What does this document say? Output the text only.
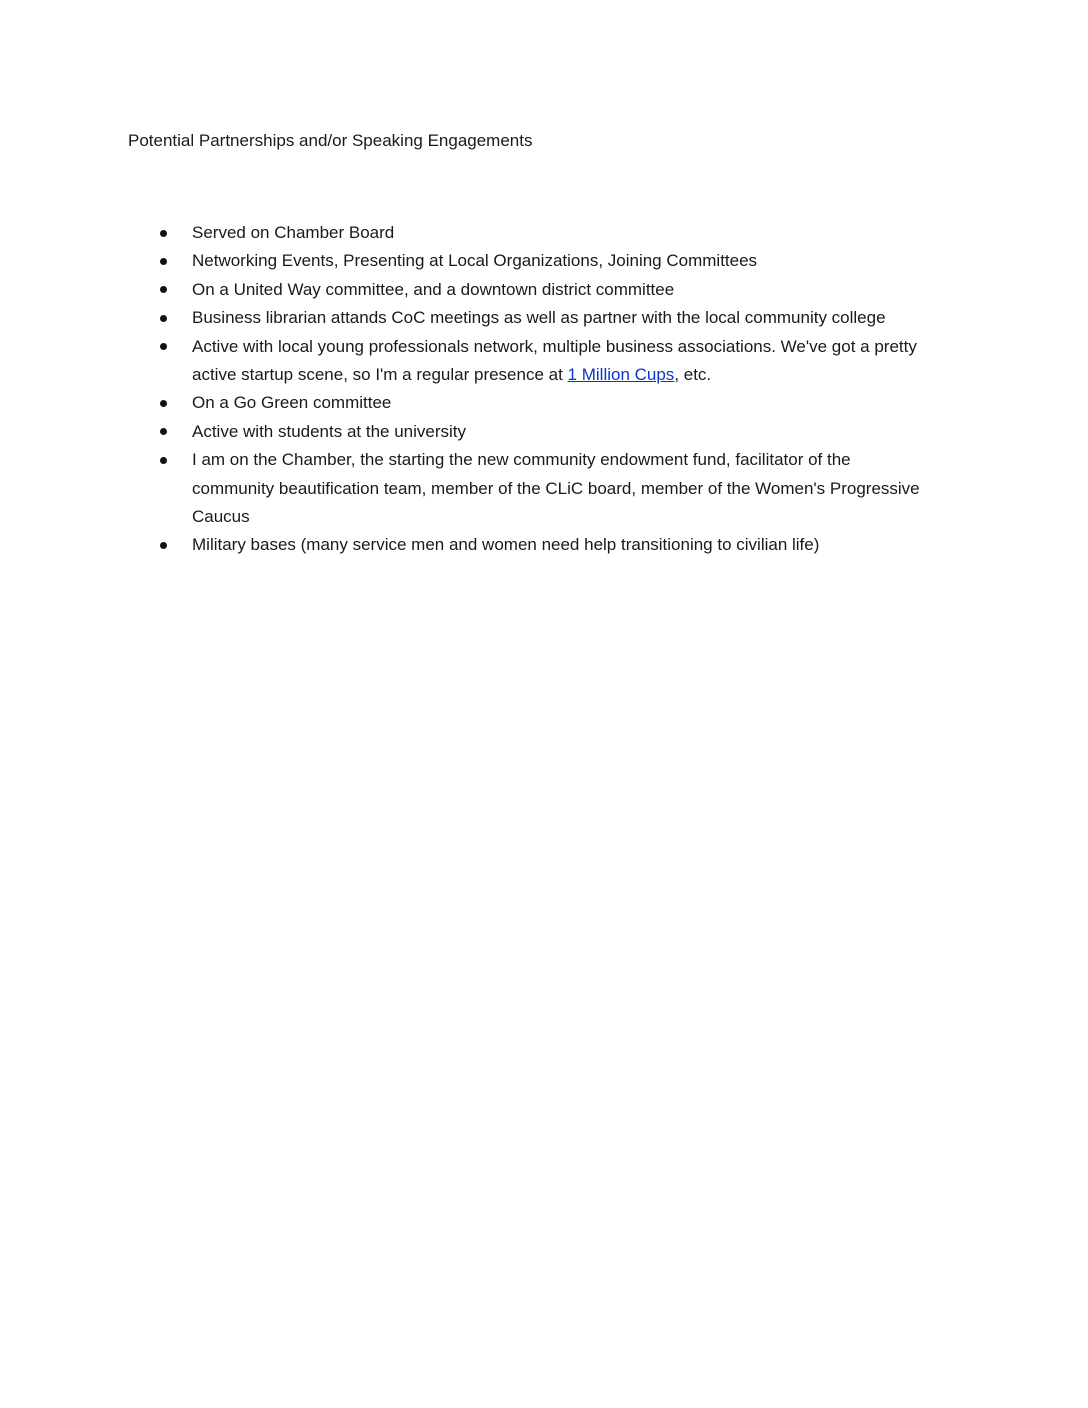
Potential Partnerships and/or Speaking Engagements
Served on Chamber Board
Networking Events, Presenting at Local Organizations, Joining Committees
On a United Way committee, and a downtown district committee
Business librarian attands CoC meetings as well as partner with the local community college
Active with local young professionals network, multiple business associations. We've got a pretty active startup scene, so I'm a regular presence at 1 Million Cups, etc.
On a Go Green committee
Active with students at the university
I am on the Chamber, the starting the new community endowment fund, facilitator of the community beautification team, member of the CLiC board, member of the Women's Progressive Caucus
Military bases (many service men and women need help transitioning to civilian life)
